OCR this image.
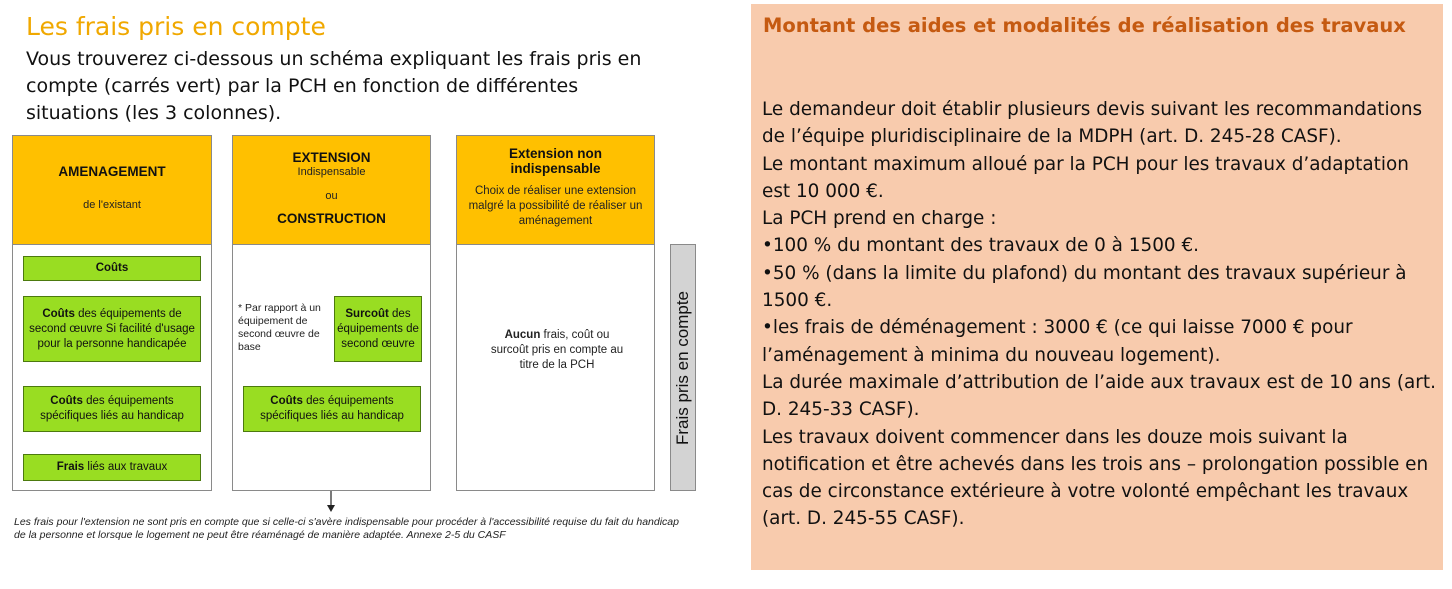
Les frais pris en compte
Vous trouverez ci-dessous un schéma expliquant les frais pris en compte (carrés vert) par la PCH en fonction de différentes situations (les 3 colonnes).
AMENAGEMENT
de l'existant
Coûts
Coûts des équipements de second œuvre Si facilité d'usage pour la personne handicapée
Coûts des équipements spécifiques liés au handicap
Frais liés aux travaux
EXTENSION
Indispensable
ou
CONSTRUCTION
* Par rapport à un équipement de second œuvre de base
Surcoût des équipements de second œuvre
Coûts des équipements spécifiques liés au handicap
Extension non indispensable
Choix de réaliser une extension malgré la possibilité de réaliser un aménagement
Aucun frais, coût ou surcoût pris en compte au titre de la PCH	Frais pris en compte
Les frais pour l'extension ne sont pris en compte que si celle-ci s'avère indispensable pour procéder à l'accessibilité requise du fait du handicap de la personne et lorsque le logement ne peut être réaménagé de manière adaptée. Annexe 2-5 du CASF
Montant des aides et modalités de réalisation des travaux
Le demandeur doit établir plusieurs devis suivant les recommandations de l’équipe pluridisciplinaire de la MDPH (art. D. 245-28 CASF).
Le montant maximum alloué par la PCH pour les travaux d’adaptation est 10 000 €.
La PCH prend en charge :
•100 % du montant des travaux de 0 à 1500 €.
•50 % (dans la limite du plafond) du montant des travaux supérieur à 1500 €.
•les frais de déménagement : 3000 € (ce qui laisse 7000 € pour l’aménagement à minima du nouveau logement).
La durée maximale d’attribution de l’aide aux travaux est de 10 ans (art. D. 245-33 CASF).
Les travaux doivent commencer dans les douze mois suivant la notification et être achevés dans les trois ans – prolongation possible en cas de circonstance extérieure à votre volonté empêchant les travaux (art. D. 245-55 CASF).
